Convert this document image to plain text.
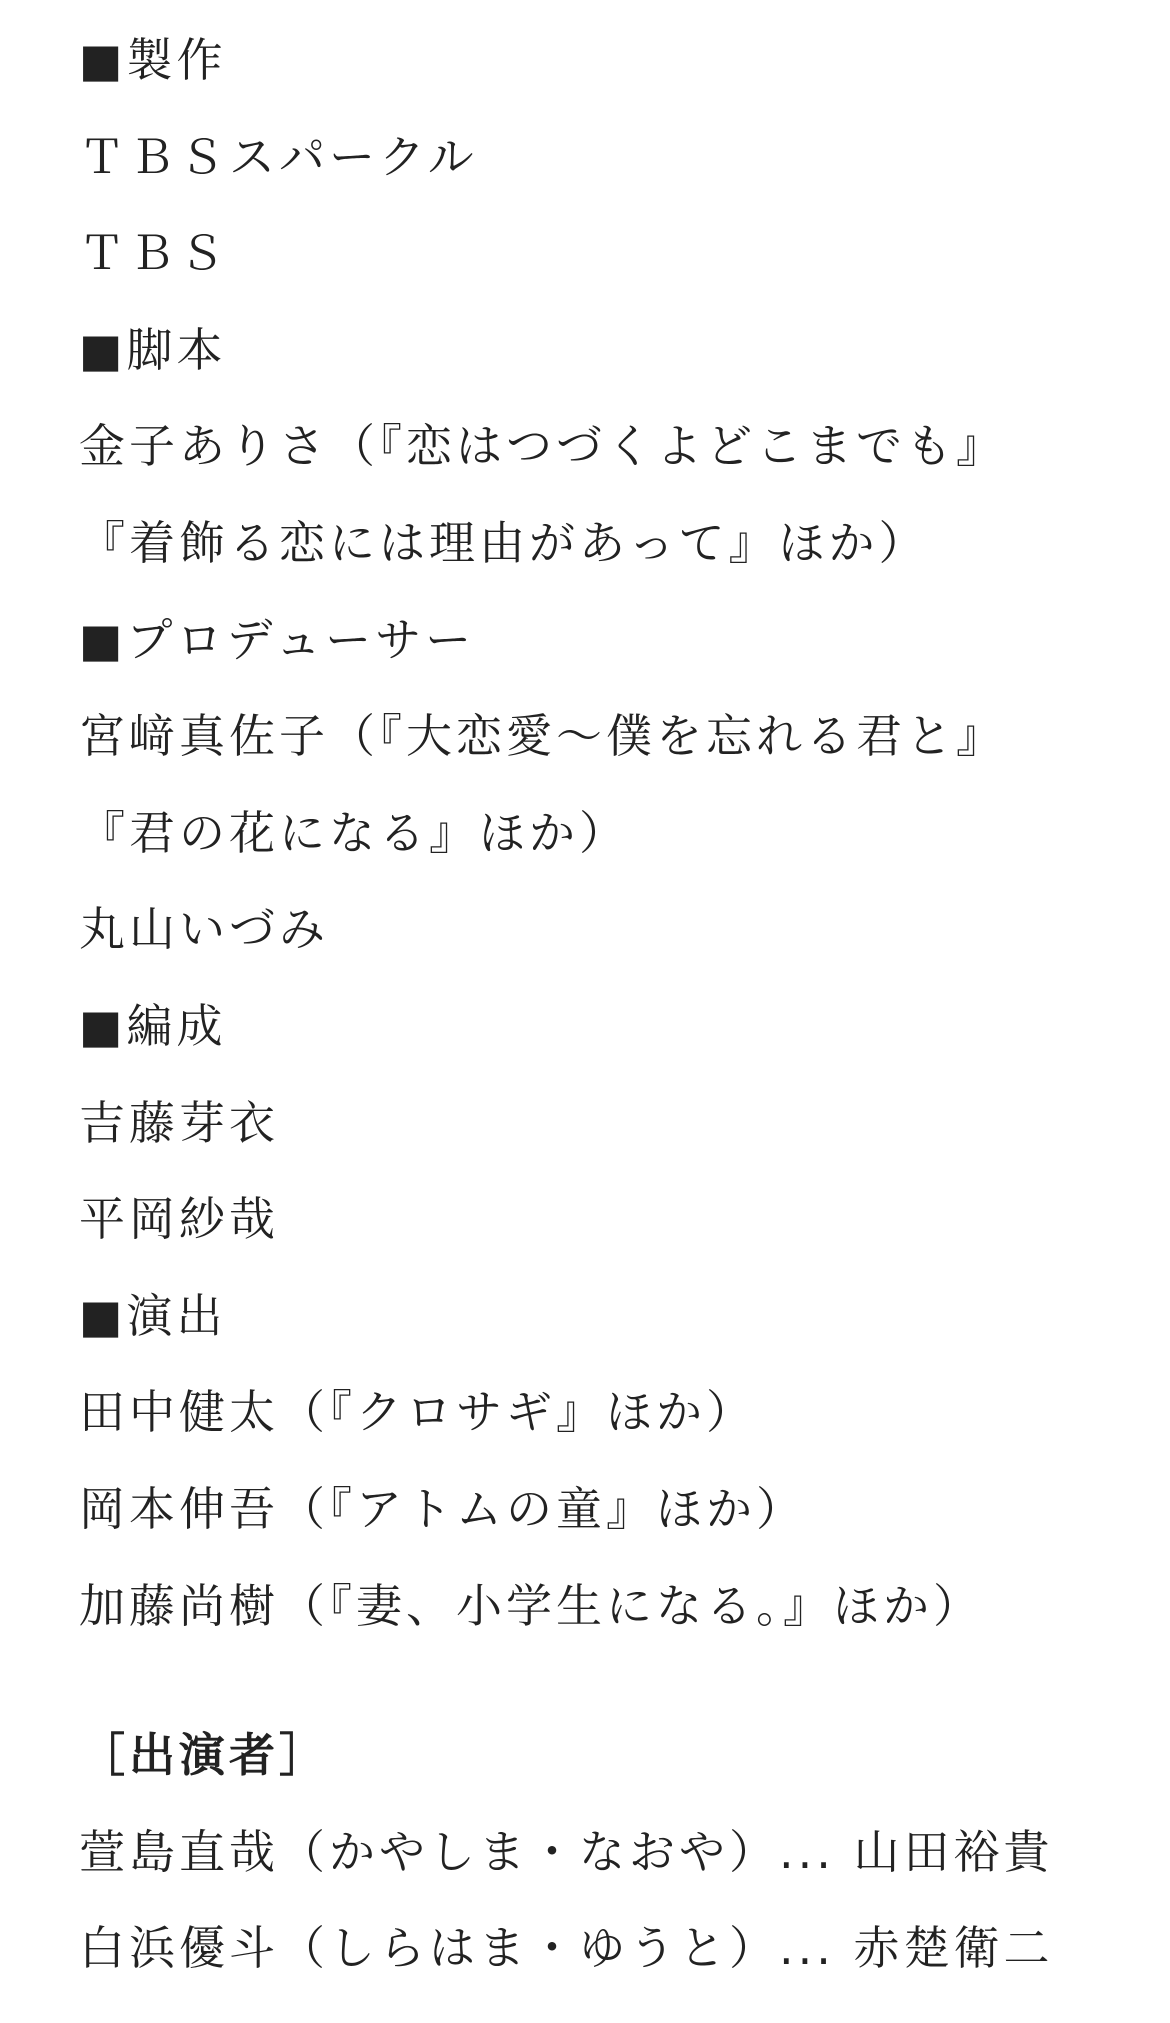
■製作
ＴＢＳスパークル
ＴＢＳ
■脚本
金子ありさ（『恋はつづくよどこまでも』
『着飾る恋には理由があって』ほか）
■プロデューサー
宮﨑真佐子（『大恋愛～僕を忘れる君と』
『君の花になる』ほか）
丸山いづみ
■編成
吉藤芽衣
平岡紗哉
■演出
田中健太（『クロサギ』ほか）
岡本伸吾（『アトムの童』ほか）
加藤尚樹（『妻、小学生になる。』ほか）
［出演者］
萱島直哉（かやしま・なおや）... 山田裕貴
白浜優斗（しらはま・ゆうと）... 赤楚衛二
